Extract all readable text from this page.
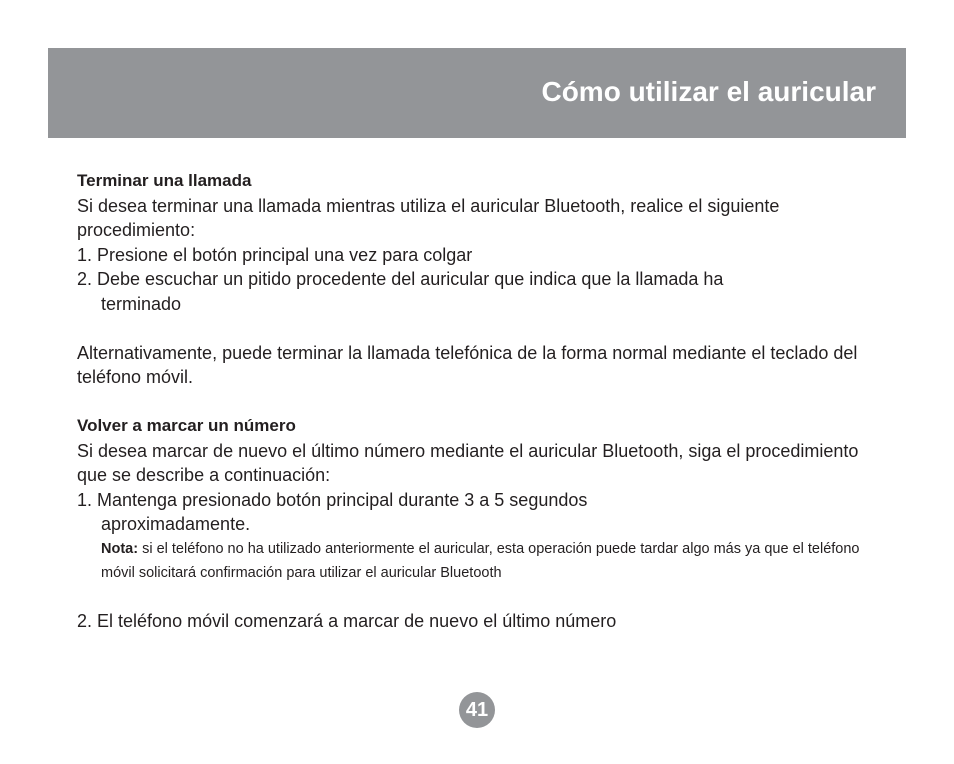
Cómo utilizar el auricular

Terminar una llamada

Si desea terminar una llamada mientras utiliza el auricular Bluetooth, realice el siguiente procedimiento:

1. Presione el botón principal una vez para colgar

2. Debe escuchar un pitido procedente del auricular que indica que la llamada ha

terminado

Alternativamente, puede terminar la llamada telefónica de la forma normal mediante el teclado del teléfono móvil.

Volver a marcar un número

Si desea marcar de nuevo el último número mediante el auricular Bluetooth, siga el procedimiento que se describe a continuación:

1. Mantenga presionado botón principal durante 3 a 5 segundos

aproximadamente.

Nota: si el teléfono no ha utilizado anteriormente el auricular, esta operación puede tardar algo más ya que el teléfono móvil solicitará confirmación para utilizar el auricular Bluetooth

2. El teléfono móvil comenzará a marcar de nuevo el último número

41
